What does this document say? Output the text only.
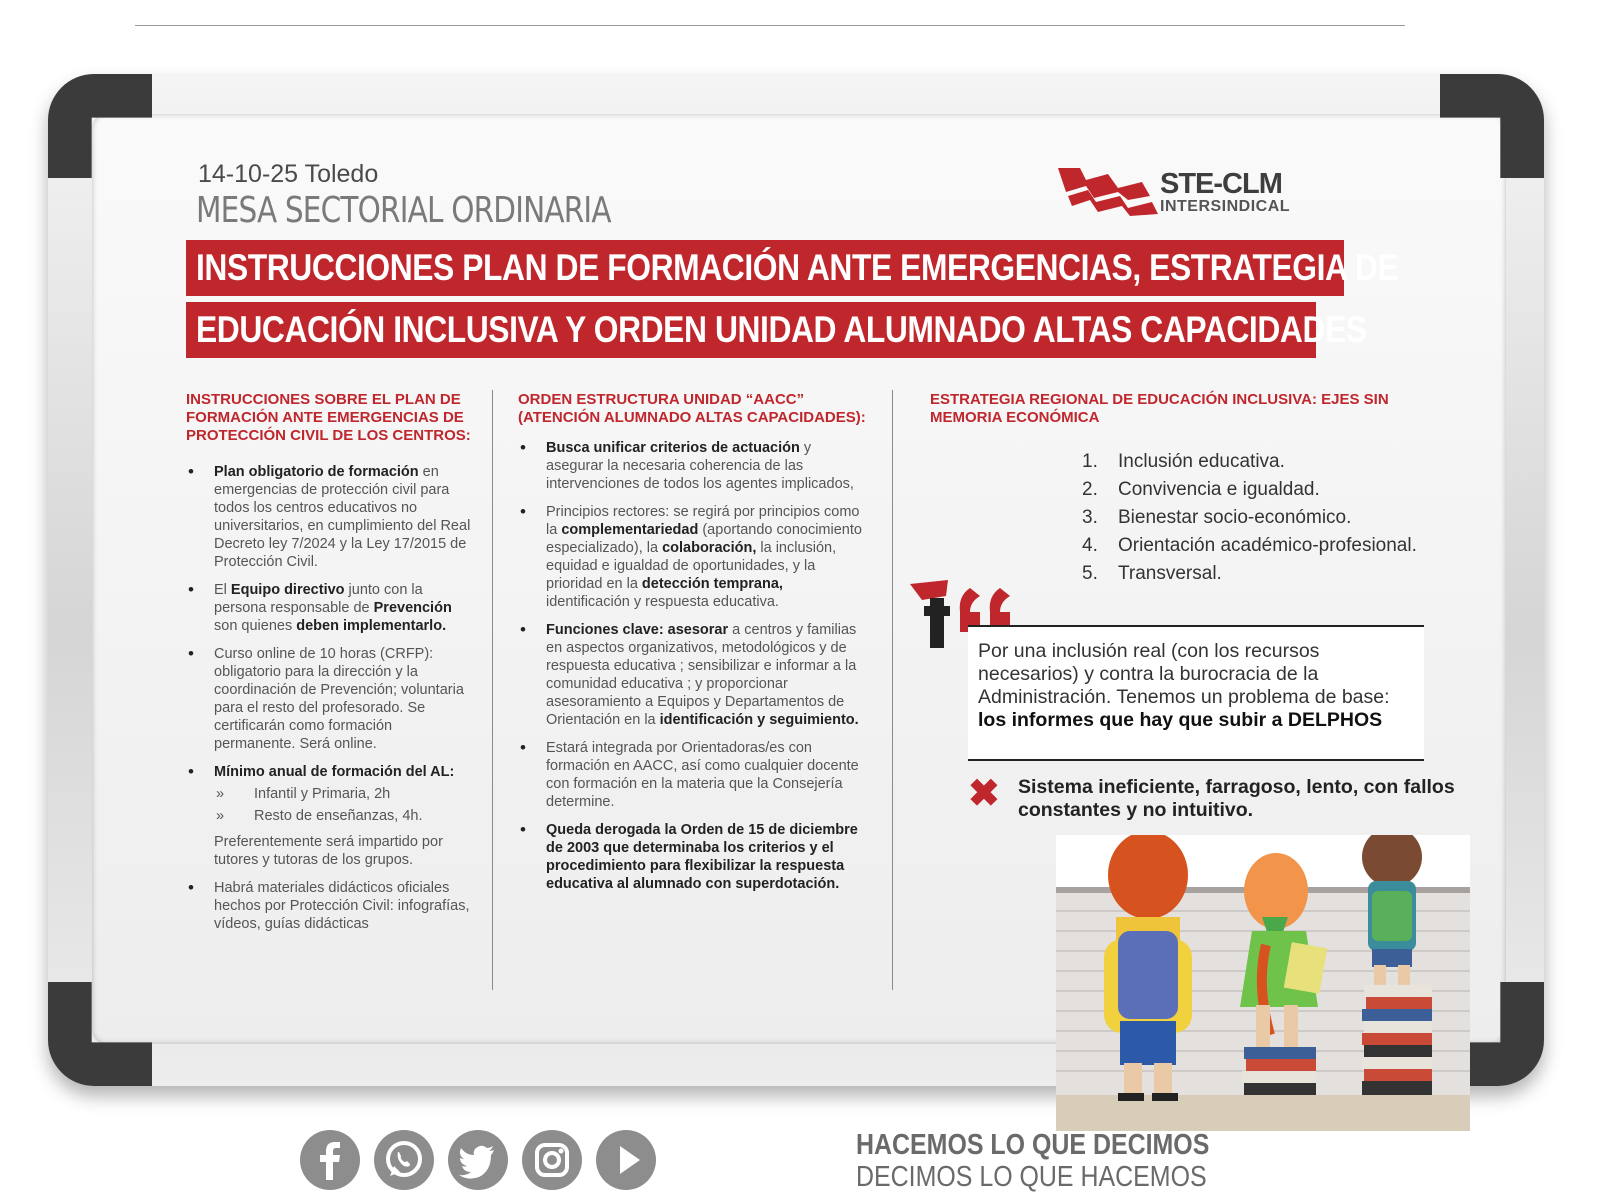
14-10-25 Toledo
MESA SECTORIAL ORDINARIA
STE-CLM
INTERSINDICAL
INSTRUCCIONES PLAN DE FORMACIÓN ANTE EMERGENCIAS, ESTRATEGIA DE
EDUCACIÓN INCLUSIVA Y ORDEN UNIDAD ALUMNADO ALTAS CAPACIDADES
INSTRUCCIONES SOBRE EL PLAN DE FORMACIÓN ANTE EMERGENCIAS DE PROTECCIÓN CIVIL DE LOS CENTROS:
• Plan obligatorio de formación en emergencias de protección civil para todos los centros educativos no universitarios, en cumplimiento del Real Decreto ley 7/2024 y la Ley 17/2015 de Protección Civil.
• El Equipo directivo junto con la persona responsable de Prevención son quienes deben implementarlo.
• Curso online de 10 horas (CRFP): obligatorio para la dirección y la coordinación de Prevención; voluntaria para el resto del profesorado. Se certificarán como formación permanente. Será online.
• Mínimo anual de formación del AL:
» Infantil y Primaria, 2h
» Resto de enseñanzas, 4h.
Preferentemente será impartido por tutores y tutoras de los grupos.
• Habrá materiales didácticos oficiales hechos por Protección Civil: infografías, vídeos, guías didácticas
ORDEN ESTRUCTURA UNIDAD “AACC” (ATENCIÓN ALUMNADO ALTAS CAPACIDADES):
• Busca unificar criterios de actuación y asegurar la necesaria coherencia de las intervenciones de todos los agentes implicados,
• Principios rectores: se regirá por principios como la complementariedad (aportando conocimiento especializado), la colaboración, la inclusión, equidad e igualdad de oportunidades, y la prioridad en la detección temprana, identificación y respuesta educativa.
• Funciones clave: asesorar a centros y familias en aspectos organizativos, metodológicos y de respuesta educativa ; sensibilizar e informar a la comunidad educativa ; y proporcionar asesoramiento a Equipos y Departamentos de Orientación en la identificación y seguimiento.
• Estará integrada por Orientadoras/es con formación en AACC, así como cualquier docente con formación en la materia que la Consejería determine.
• Queda derogada la Orden de 15 de diciembre de 2003 que determinaba los criterios y el procedimiento para flexibilizar la respuesta educativa al alumnado con superdotación.
ESTRATEGIA REGIONAL DE EDUCACIÓN INCLUSIVA: EJES SIN MEMORIA ECONÓMICA
1.	Inclusión educativa.
2.	Convivencia e igualdad.
3.	Bienestar socio-económico.
4.	Orientación académico-profesional.
5.	Transversal.
Por una inclusión real (con los recursos necesarios) y contra la burocracia de la Administración. Tenemos un problema de base: los informes que hay que subir a DELPHOS
✖ Sistema ineficiente, farragoso, lento, con fallos constantes y no intuitivo.
HACEMOS LO QUE DECIMOS
DECIMOS LO QUE HACEMOS
